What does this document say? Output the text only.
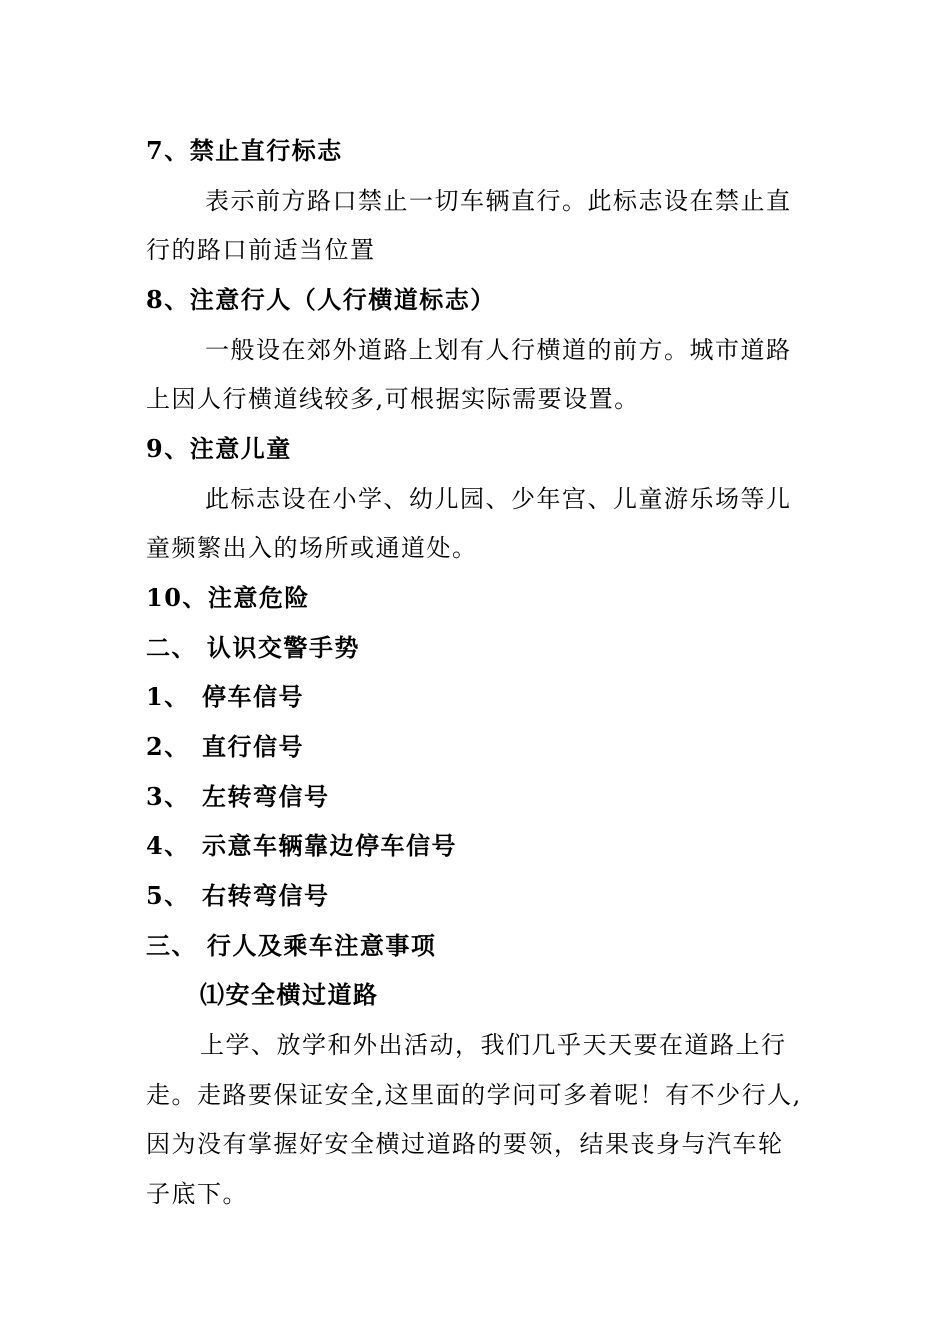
7、禁止直行标志
表示前方路口禁止一切车辆直行。此标志设在禁止直
行的路口前适当位置
8、注意行人（人行横道标志）
一般设在郊外道路上划有人行横道的前方。城市道路
上因人行横道线较多,可根据实际需要设置。
9、注意儿童
此标志设在小学、幼儿园、少年宫、儿童游乐场等儿
童频繁出入的场所或通道处。
10、注意危险
二、 认识交警手势
1、 停车信号
2、 直行信号
3、 左转弯信号
4、 示意车辆靠边停车信号
5、 右转弯信号
三、 行人及乘车注意事项
⑴安全横过道路
上学、放学和外出活动，我们几乎天天要在道路上行
走。走路要保证安全,这里面的学问可多着呢！有不少行人,
因为没有掌握好安全横过道路的要领，结果丧身与汽车轮
子底下。
